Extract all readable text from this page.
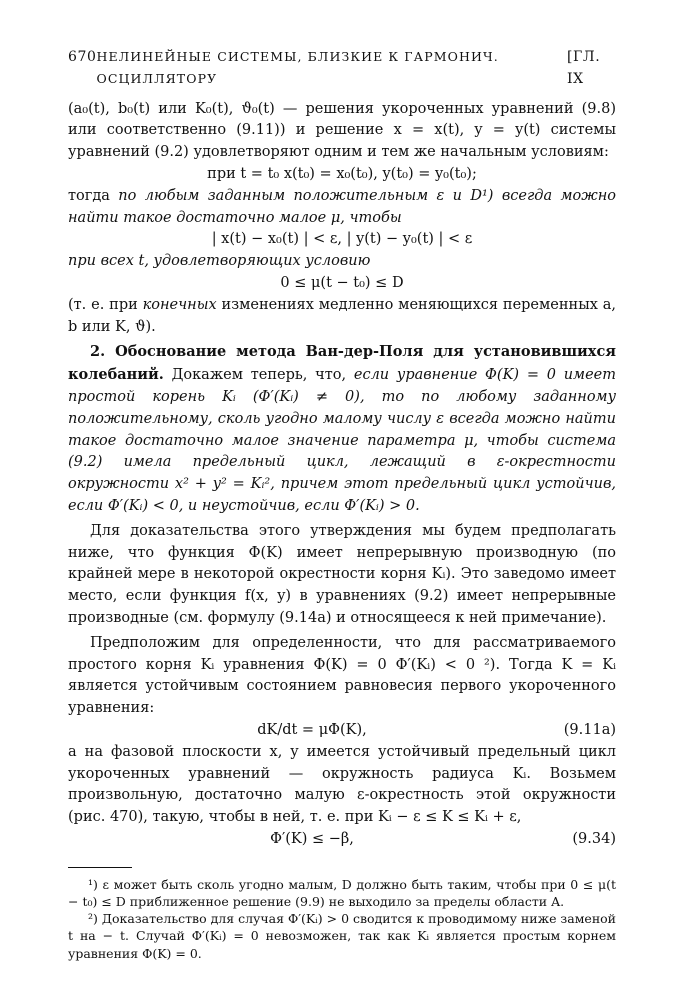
670 НЕЛИНЕЙНЫЕ СИСТЕМЫ, БЛИЗКИЕ К ГАРМОНИЧ. ОСЦИЛЛЯТОРУ
[ГЛ. IX

(a₀(t), b₀(t) или K₀(t), ϑ₀(t) — решения укороченных уравнений (9.8) или соответственно (9.11)) и решение x = x(t), y = y(t) системы уравнений (9.2) удовлетворяют одним и тем же начальным условиям:

при t = t₀ x(t₀) = x₀(t₀), y(t₀) = y₀(t₀);

тогда по любым заданным положительным ε и D¹) всегда можно найти такое достаточно малое μ, чтобы

| x(t) − x₀(t) | < ε, | y(t) − y₀(t) | < ε

при всех t, удовлетворяющих условию

0 ≤ μ(t − t₀) ≤ D

(т. е. при конечных изменениях медленно меняющихся переменных a, b или K, ϑ).

2. Обоснование метода Ван-дер-Поля для установившихся колебаний. Докажем теперь, что, если уравнение Φ(K) = 0 имеет простой корень Kᵢ (Φ′(Kᵢ) ≠ 0), то по любому заданному положительному, сколь угодно малому числу ε всегда можно найти такое достаточно малое значение параметра μ, чтобы система (9.2) имела предельный цикл, лежащий в ε-окрестности окружности x² + y² = Kᵢ², причем этот предельный цикл устойчив, если Φ′(Kᵢ) < 0, и неустойчив, если Φ′(Kᵢ) > 0.

Для доказательства этого утверждения мы будем предполагать ниже, что функция Φ(K) имеет непрерывную производную (по крайней мере в некоторой окрестности корня Kᵢ). Это заведомо имеет место, если функция f(x, y) в уравнениях (9.2) имеет непрерывные производные (см. формулу (9.14a) и относящееся к ней примечание).

Предположим для определенности, что для рассматриваемого простого корня Kᵢ уравнения Φ(K) = 0 Φ′(Kᵢ) < 0 ²). Тогда K = Kᵢ является устойчивым состоянием равновесия первого укороченного уравнения:

dK/dt = μΦ(K),	(9.11a)

а на фазовой плоскости x, y имеется устойчивый предельный цикл укороченных уравнений — окружность радиуса Kᵢ. Возьмем произвольную, достаточно малую ε-окрестность этой окружности (рис. 470), такую, чтобы в ней, т. е. при Kᵢ − ε ≤ K ≤ Kᵢ + ε,

Φ′(K) ≤ −β,	(9.34)

¹) ε может быть сколь угодно малым, D должно быть таким, чтобы при 0 ≤ μ(t − t₀) ≤ D приближенное решение (9.9) не выходило за пределы области A.

²) Доказательство для случая Φ′(Kᵢ) > 0 сводится к проводимому ниже заменой t на − t. Случай Φ′(Kᵢ) = 0 невозможен, так как Kᵢ является простым корнем уравнения Φ(K) = 0.
